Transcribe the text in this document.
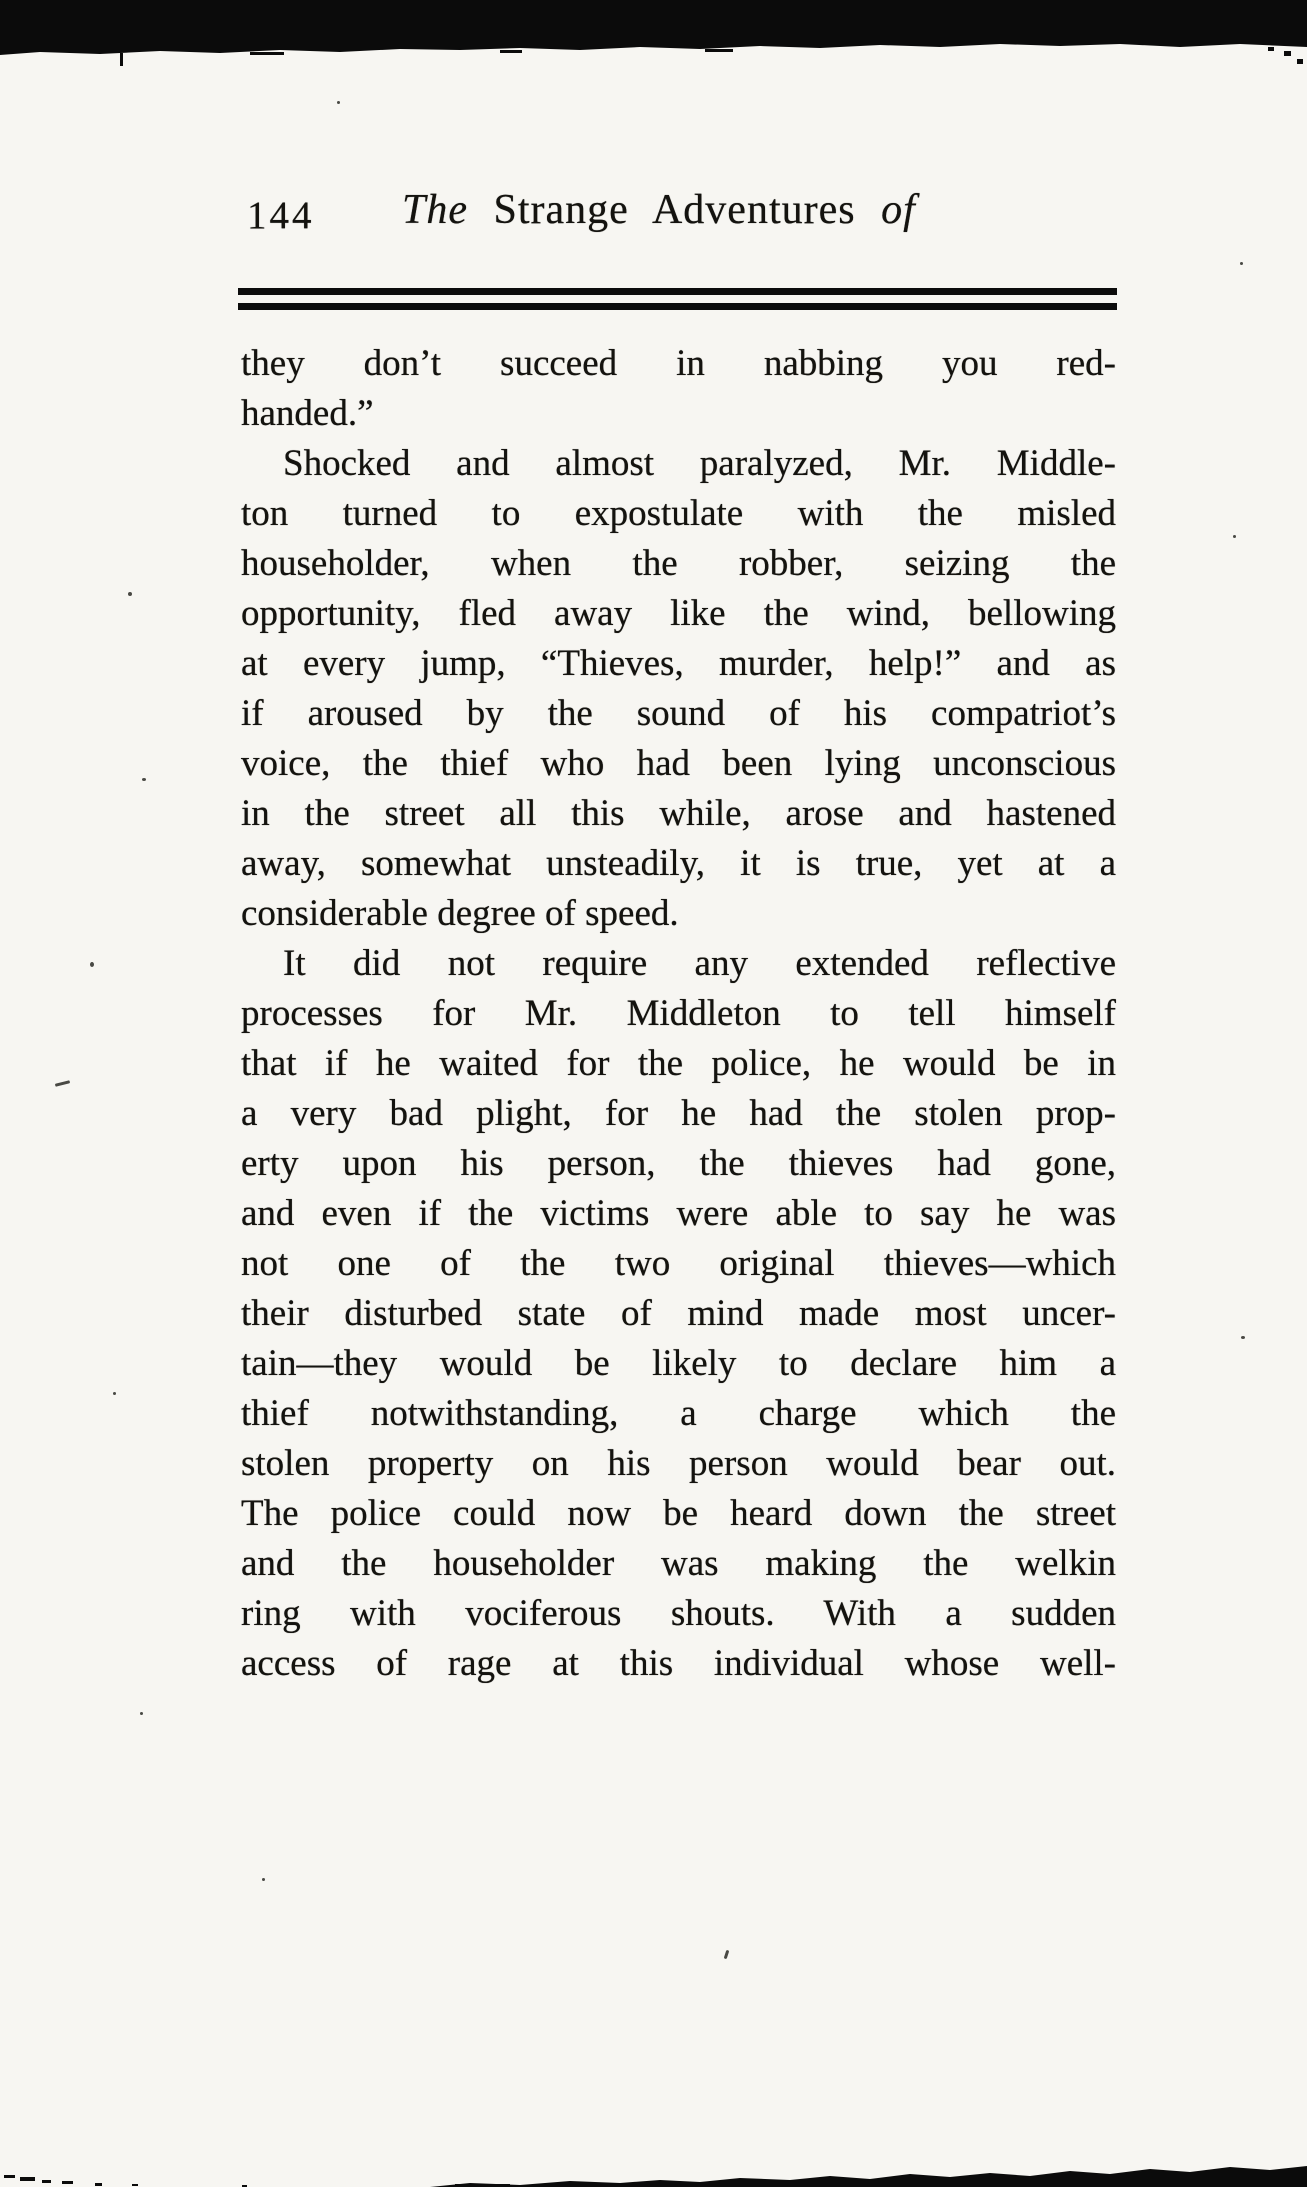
144 The Strange Adventures of
they don’t succeed in nabbing you red-
handed.”
Shocked and almost paralyzed, Mr. Middle-
ton turned to expostulate with the misled
householder, when the robber, seizing the
opportunity, fled away like the wind, bellowing
at every jump, “Thieves, murder, help!” and as
if aroused by the sound of his compatriot’s
voice, the thief who had been lying unconscious
in the street all this while, arose and hastened
away, somewhat unsteadily, it is true, yet at a
considerable degree of speed.
It did not require any extended reflective
processes for Mr. Middleton to tell himself
that if he waited for the police, he would be in
a very bad plight, for he had the stolen prop-
erty upon his person, the thieves had gone,
and even if the victims were able to say he was
not one of the two original thieves—which
their disturbed state of mind made most uncer-
tain—they would be likely to declare him a
thief notwithstanding, a charge which the
stolen property on his person would bear out.
The police could now be heard down the street
and the householder was making the welkin
ring with vociferous shouts. With a sudden
access of rage at this individual whose well-
